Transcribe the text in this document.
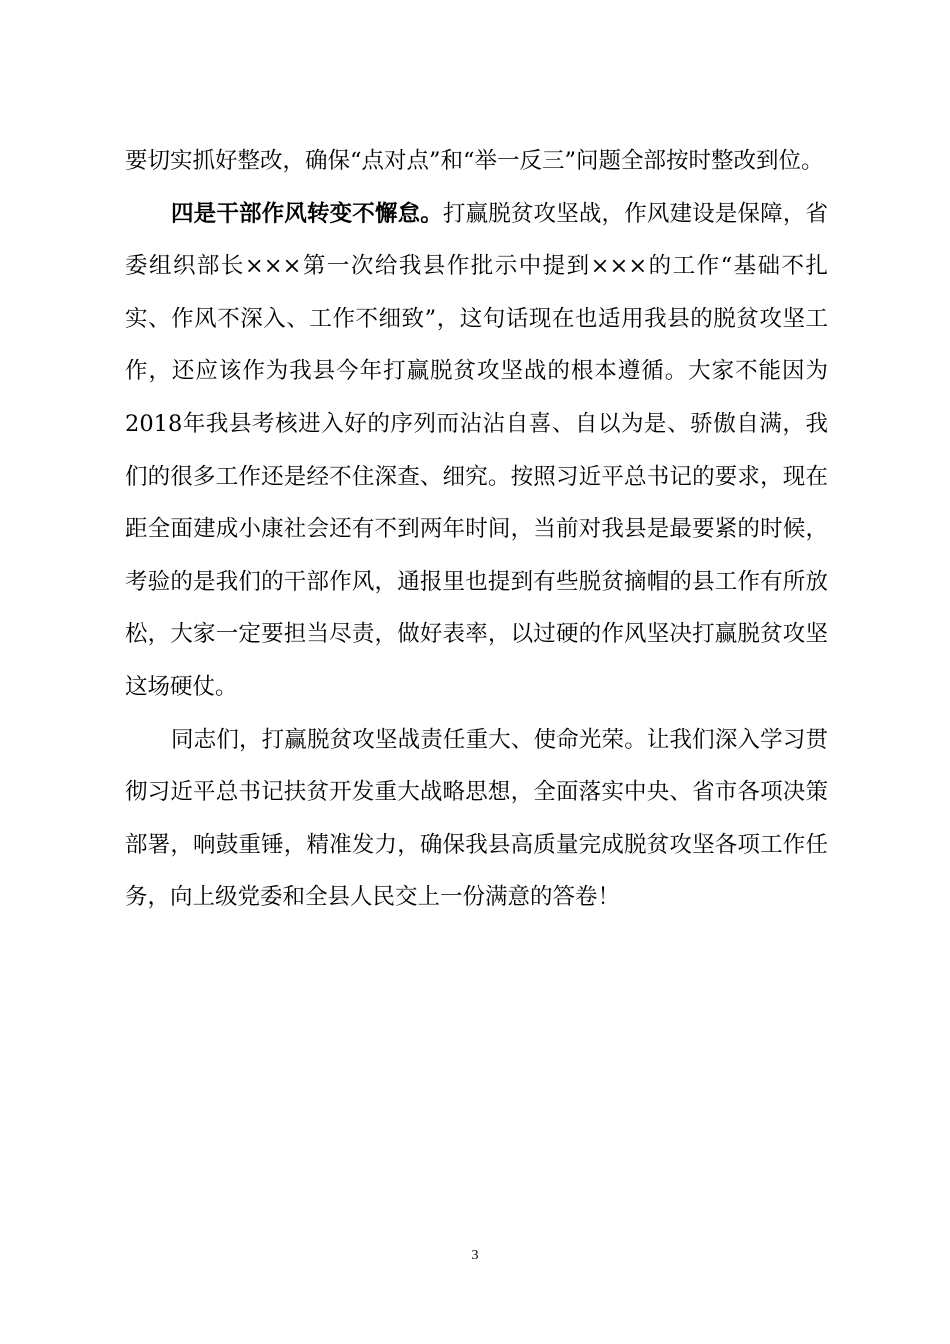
要切实抓好整改，确保“点对点”和“举一反三”问题全部按时整改到位。

四是干部作风转变不懈怠。打赢脱贫攻坚战，作风建设是保障，省委组织部长×××第一次给我县作批示中提到×××的工作“基础不扎实、作风不深入、工作不细致”，这句话现在也适用我县的脱贫攻坚工作，还应该作为我县今年打赢脱贫攻坚战的根本遵循。大家不能因为2018年我县考核进入好的序列而沾沾自喜、自以为是、骄傲自满，我们的很多工作还是经不住深查、细究。按照习近平总书记的要求，现在距全面建成小康社会还有不到两年时间，当前对我县是最要紧的时候，考验的是我们的干部作风，通报里也提到有些脱贫摘帽的县工作有所放松，大家一定要担当尽责，做好表率，以过硬的作风坚决打赢脱贫攻坚这场硬仗。

同志们，打赢脱贫攻坚战责任重大、使命光荣。让我们深入学习贯彻习近平总书记扶贫开发重大战略思想，全面落实中央、省市各项决策部署，响鼓重锤，精准发力，确保我县高质量完成脱贫攻坚各项工作任务，向上级党委和全县人民交上一份满意的答卷！

3
